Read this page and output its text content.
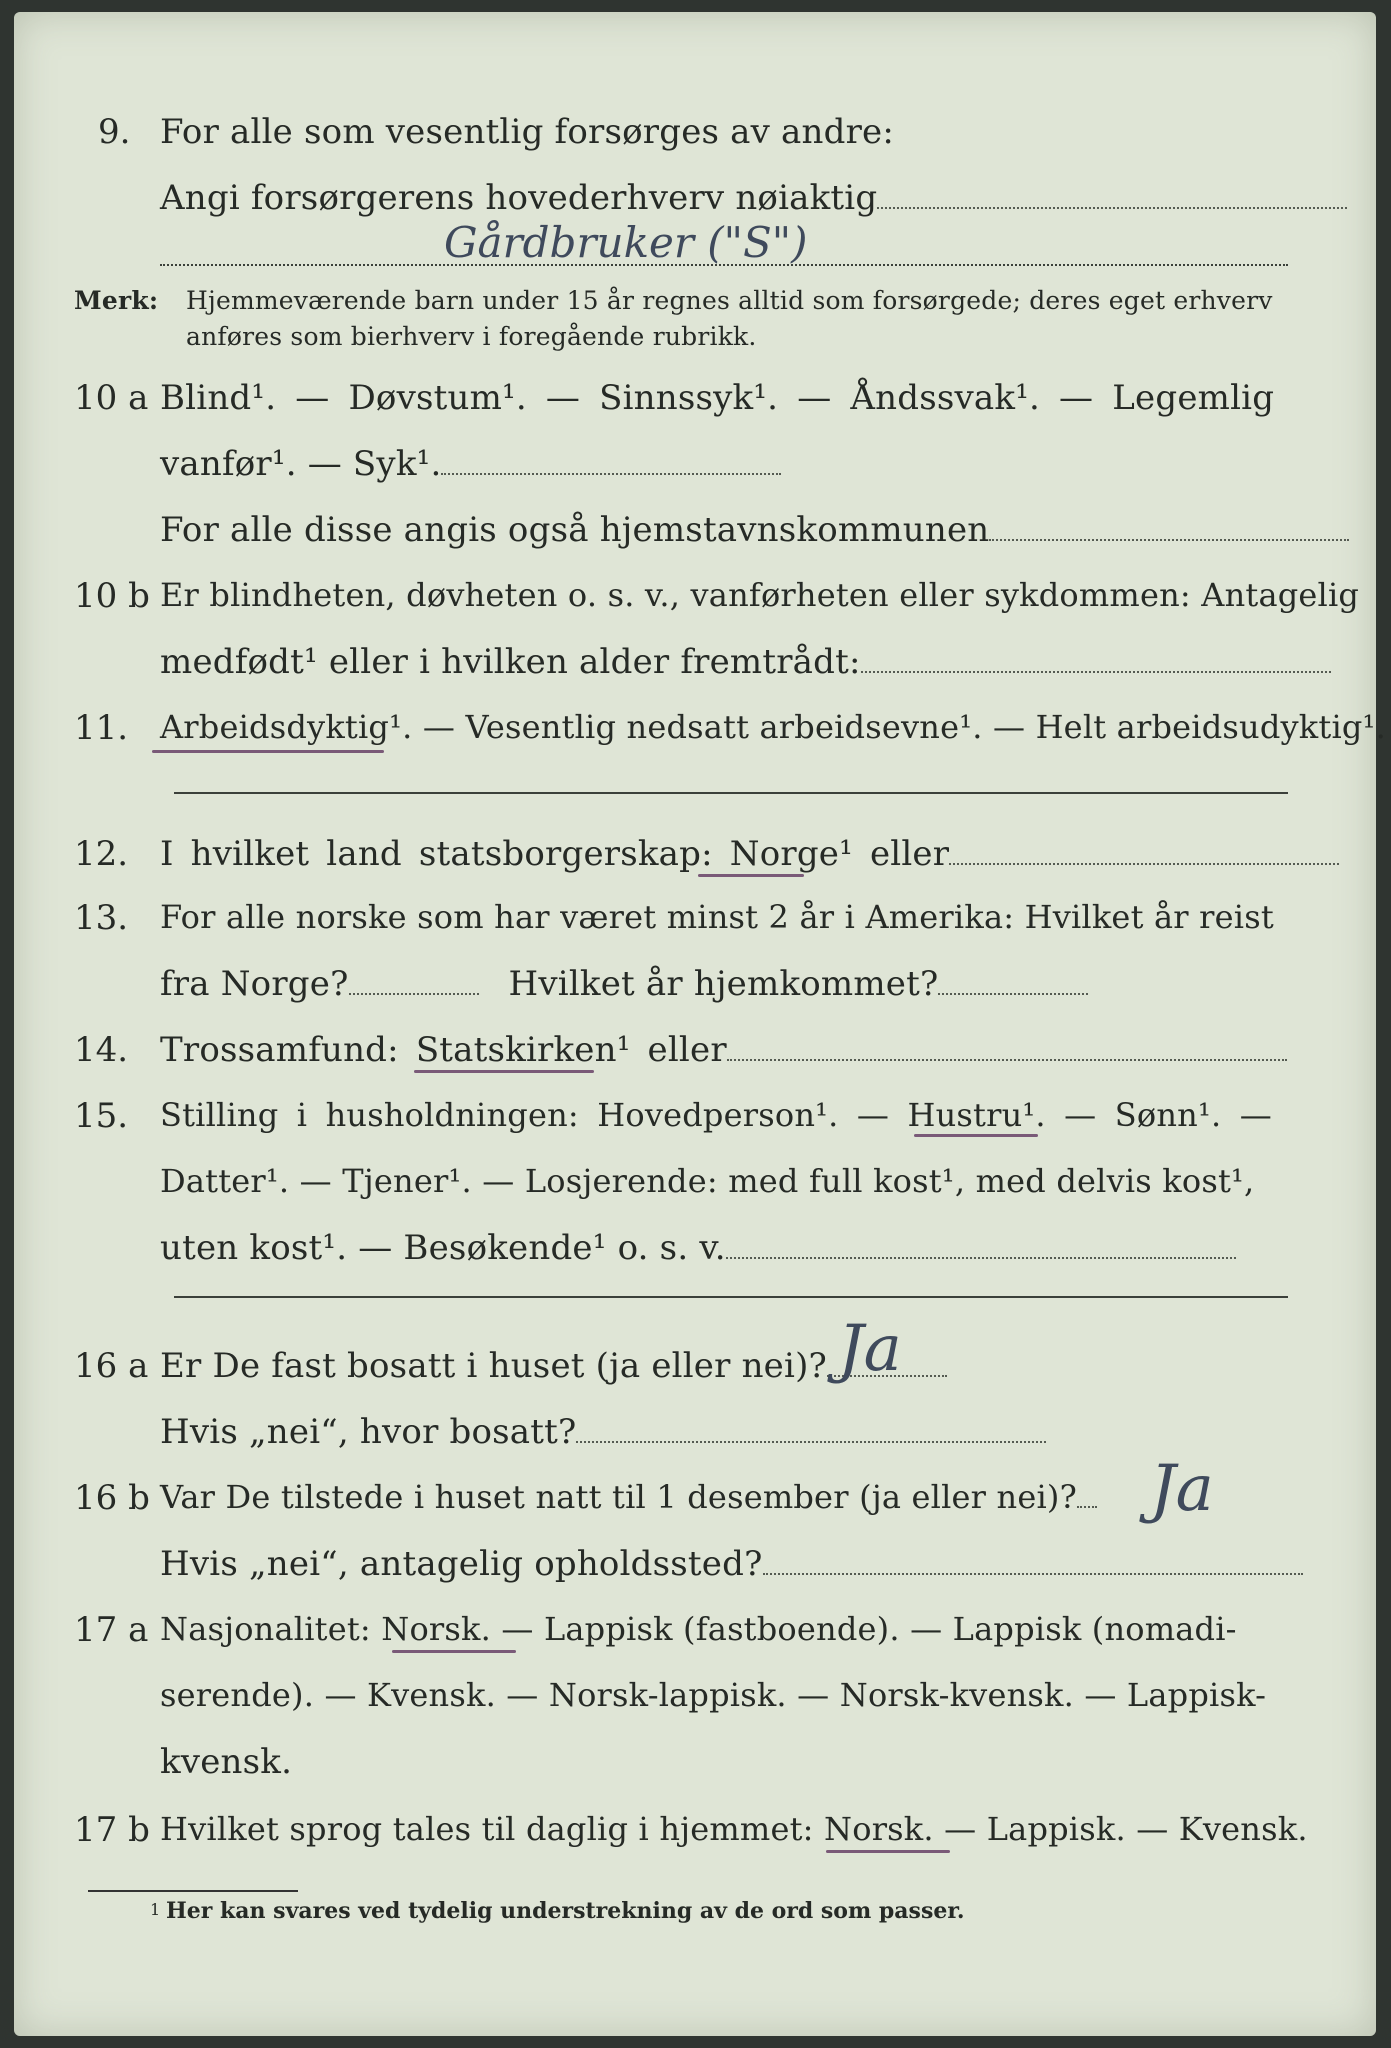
9. For alle som vesentlig forsørges av andre:
Angi forsørgerens hovederhverv nøiaktig
Gårdbruker ("S")
Merk: Hjemmeværende barn under 15 år regnes alltid som forsørgede; deres eget erhverv
anføres som bierhverv i foregående rubrikk.
10 a Blind¹. — Døvstum¹. — Sinnssyk¹. — Åndssvak¹. — Legemlig
vanfør¹. — Syk¹.
For alle disse angis også hjemstavnskommunen
10 b Er blindheten, døvheten o. s. v., vanførheten eller sykdommen: Antagelig
medfødt¹ eller i hvilken alder fremtrådt:
11. Arbeidsdyktig¹. — Vesentlig nedsatt arbeidsevne¹. — Helt arbeidsudyktig¹.
12. I hvilket land statsborgerskap: Norge¹ eller
13. For alle norske som har været minst 2 år i Amerika: Hvilket år reist
fra Norge?	Hvilket år hjemkommet?
14. Trossamfund: Statskirken¹ eller
15. Stilling i husholdningen: Hovedperson¹. — Hustru¹. — Sønn¹. —
Datter¹. — Tjener¹. — Losjerende: med full kost¹, med delvis kost¹,
uten kost¹. — Besøkende¹ o. s. v.
16 a Er De fast bosatt i huset (ja eller nei)? Ja
Hvis „nei“, hvor bosatt?
16 b Var De tilstede i huset natt til 1 desember (ja eller nei)?	Ja
Hvis „nei“, antagelig opholdssted?
17 a Nasjonalitet: Norsk. — Lappisk (fastboende). — Lappisk (nomadi-
serende). — Kvensk. — Norsk-lappisk. — Norsk-kvensk. — Lappisk-
kvensk.
17 b Hvilket sprog tales til daglig i hjemmet: Norsk. — Lappisk. — Kvensk.
1 Her kan svares ved tydelig understrekning av de ord som passer.
